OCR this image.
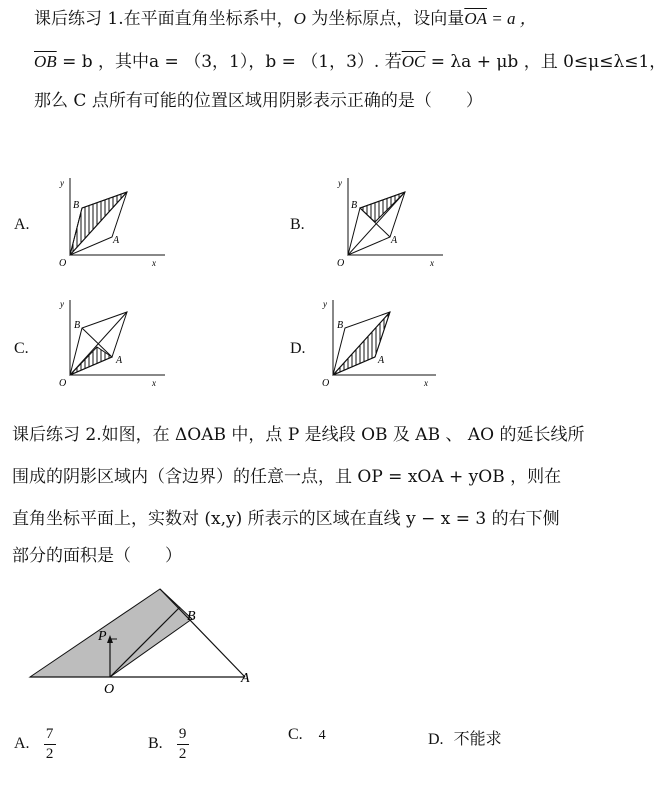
课后练习 1.在平面直角坐标系中，O 为坐标原点，设向量$\overline{OA} = a$ ，
$\overline{OB} = b$ ，其中a = （3，1），b = （1，3）. 若$\overline{OC} = \lambda a + \mu b$ ，且 0≤μ≤λ≤1，
那么 C 点所有可能的位置区域用阴影表示正确的是（　　）
A.	B.
C.	D.
x
y
O
B
A
x
y
O
B
A
x
y
O
B
A
x
y
O
B
A
课后练习 2.如图，在 ΔOAB 中，点 P 是线段 OB 及 AB 、 AO 的延长线所
围成的阴影区域内（含边界）的任意一点，且 OP = xOA + yOB ，则在
直角坐标平面上，实数对 (x,y) 所表示的区域在直线 y − x = 3 的右下侧
部分的面积是（　　）
B
P
O
A
A. $\frac{7}{2}$	B. $\frac{9}{2}$	C. 4	D. 不能求
